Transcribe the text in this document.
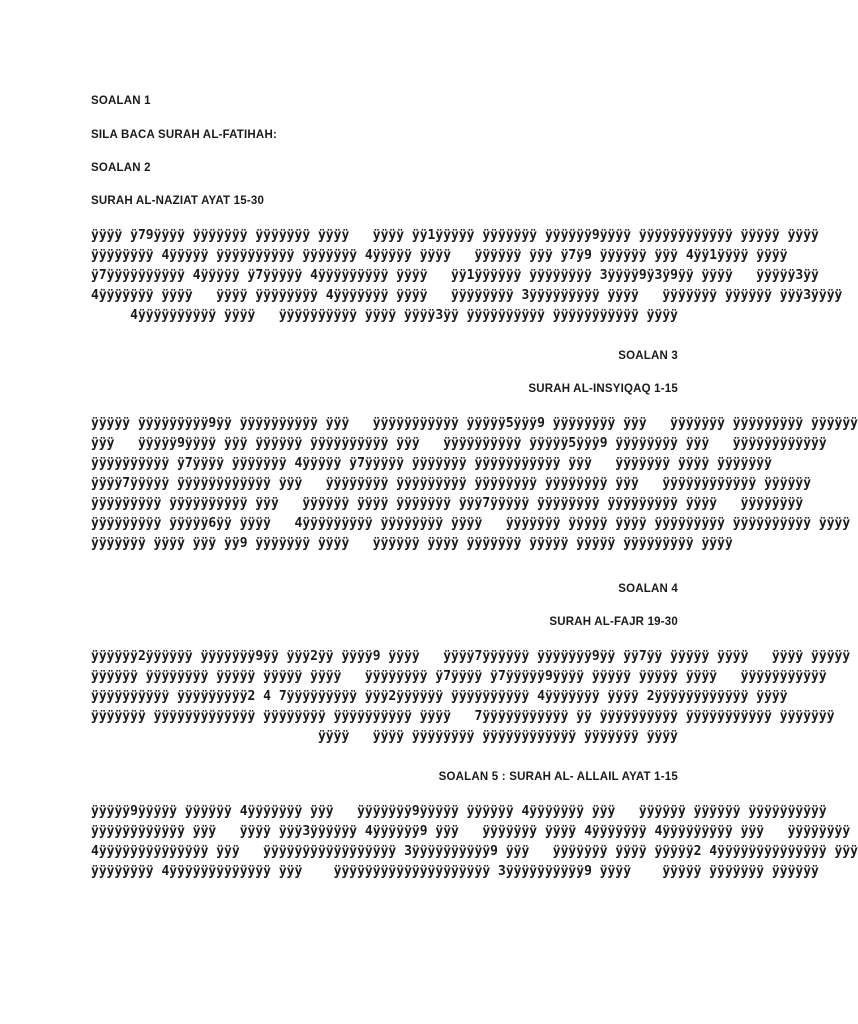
SOALAN 1
SILA BACA SURAH AL-FATIHAH:
SOALAN 2
SURAH AL-NAZIAT AYAT 15-30
ÿÿÿÿ ÿ79ÿÿÿÿ ÿÿÿÿÿÿÿ ÿÿÿÿÿÿÿ ÿÿÿÿ   ÿÿÿÿ ÿÿ1ÿÿÿÿÿ ÿÿÿÿÿÿÿ ÿÿÿÿÿÿ9ÿÿÿÿ ÿÿÿÿÿÿÿÿÿÿÿÿ ÿÿÿÿÿ ÿÿÿÿ
ÿÿÿÿÿÿÿÿ 4ÿÿÿÿÿ ÿÿÿÿÿÿÿÿÿÿ ÿÿÿÿÿÿÿ 4ÿÿÿÿÿ ÿÿÿÿ   ÿÿÿÿÿÿ ÿÿÿ ÿ7ÿ9 ÿÿÿÿÿÿ ÿÿÿ 4ÿÿ1ÿÿÿÿ ÿÿÿÿ
ÿ7ÿÿÿÿÿÿÿÿÿÿ 4ÿÿÿÿÿ ÿ7ÿÿÿÿÿ 4ÿÿÿÿÿÿÿÿÿ ÿÿÿÿ   ÿÿ1ÿÿÿÿÿÿ ÿÿÿÿÿÿÿÿ 3ÿÿÿÿ9ÿ3ÿ9ÿÿ ÿÿÿÿ   ÿÿÿÿÿ3ÿÿ
4ÿÿÿÿÿÿÿ ÿÿÿÿ   ÿÿÿÿ ÿÿÿÿÿÿÿÿ 4ÿÿÿÿÿÿÿ ÿÿÿÿ   ÿÿÿÿÿÿÿÿ 3ÿÿÿÿÿÿÿÿÿ ÿÿÿÿ   ÿÿÿÿÿÿÿ ÿÿÿÿÿÿ ÿÿÿ3ÿÿÿÿ
4ÿÿÿÿÿÿÿÿÿÿ ÿÿÿÿ   ÿÿÿÿÿÿÿÿÿÿ ÿÿÿÿ ÿÿÿÿ3ÿÿ ÿÿÿÿÿÿÿÿÿÿ ÿÿÿÿÿÿÿÿÿÿÿ ÿÿÿÿ
SOALAN 3
SURAH AL-INSYIQAQ 1-15
ÿÿÿÿÿ ÿÿÿÿÿÿÿÿÿ9ÿÿ ÿÿÿÿÿÿÿÿÿÿ ÿÿÿ   ÿÿÿÿÿÿÿÿÿÿÿ ÿÿÿÿÿ5ÿÿÿ9 ÿÿÿÿÿÿÿÿ ÿÿÿ   ÿÿÿÿÿÿÿ ÿÿÿÿÿÿÿÿÿ ÿÿÿÿÿÿ
ÿÿÿ   ÿÿÿÿÿ9ÿÿÿÿ ÿÿÿ ÿÿÿÿÿÿ ÿÿÿÿÿÿÿÿÿÿ ÿÿÿ   ÿÿÿÿÿÿÿÿÿÿ ÿÿÿÿÿ5ÿÿÿ9 ÿÿÿÿÿÿÿÿ ÿÿÿ   ÿÿÿÿÿÿÿÿÿÿÿÿ
ÿÿÿÿÿÿÿÿÿÿ ÿ7ÿÿÿÿ ÿÿÿÿÿÿÿ 4ÿÿÿÿÿ ÿ7ÿÿÿÿÿ ÿÿÿÿÿÿÿ ÿÿÿÿÿÿÿÿÿÿÿ ÿÿÿ   ÿÿÿÿÿÿÿ ÿÿÿÿ ÿÿÿÿÿÿÿ
ÿÿÿÿ7ÿÿÿÿÿ ÿÿÿÿÿÿÿÿÿÿÿÿ ÿÿÿ   ÿÿÿÿÿÿÿÿ ÿÿÿÿÿÿÿÿÿ ÿÿÿÿÿÿÿÿ ÿÿÿÿÿÿÿÿ ÿÿÿ   ÿÿÿÿÿÿÿÿÿÿÿÿ ÿÿÿÿÿÿ
ÿÿÿÿÿÿÿÿÿ ÿÿÿÿÿÿÿÿÿÿ ÿÿÿ   ÿÿÿÿÿÿ ÿÿÿÿ ÿÿÿÿÿÿÿ ÿÿÿ7ÿÿÿÿÿ ÿÿÿÿÿÿÿÿ ÿÿÿÿÿÿÿÿÿ ÿÿÿÿ   ÿÿÿÿÿÿÿÿ
ÿÿÿÿÿÿÿÿÿ ÿÿÿÿÿ6ÿÿ ÿÿÿÿ   4ÿÿÿÿÿÿÿÿÿ ÿÿÿÿÿÿÿÿ ÿÿÿÿ   ÿÿÿÿÿÿÿ ÿÿÿÿÿ ÿÿÿÿ ÿÿÿÿÿÿÿÿÿ ÿÿÿÿÿÿÿÿÿÿ ÿÿÿÿ
ÿÿÿÿÿÿÿ ÿÿÿÿ ÿÿÿ ÿÿ9 ÿÿÿÿÿÿÿ ÿÿÿÿ   ÿÿÿÿÿÿ ÿÿÿÿ ÿÿÿÿÿÿÿ ÿÿÿÿÿ ÿÿÿÿÿ ÿÿÿÿÿÿÿÿÿ ÿÿÿÿ
SOALAN 4
SURAH AL-FAJR 19-30
ÿÿÿÿÿÿ2ÿÿÿÿÿÿ ÿÿÿÿÿÿÿ9ÿÿ ÿÿÿ2ÿÿ ÿÿÿÿ9 ÿÿÿÿ   ÿÿÿÿ7ÿÿÿÿÿÿ ÿÿÿÿÿÿÿ9ÿÿ ÿÿ7ÿÿ ÿÿÿÿÿ ÿÿÿÿ   ÿÿÿÿ ÿÿÿÿÿ
ÿÿÿÿÿÿ ÿÿÿÿÿÿÿÿ ÿÿÿÿÿ ÿÿÿÿÿ ÿÿÿÿ   ÿÿÿÿÿÿÿÿ ÿ7ÿÿÿÿ ÿ7ÿÿÿÿÿ9ÿÿÿÿ ÿÿÿÿÿ ÿÿÿÿÿ ÿÿÿÿ   ÿÿÿÿÿÿÿÿÿÿÿ
ÿÿÿÿÿÿÿÿÿÿ ÿÿÿÿÿÿÿÿÿ2 4 7ÿÿÿÿÿÿÿÿÿ ÿÿÿ2ÿÿÿÿÿÿ ÿÿÿÿÿÿÿÿÿÿ 4ÿÿÿÿÿÿÿ ÿÿÿÿ 2ÿÿÿÿÿÿÿÿÿÿÿÿ ÿÿÿÿ
ÿÿÿÿÿÿÿ ÿÿÿÿÿÿÿÿÿÿÿÿÿ ÿÿÿÿÿÿÿÿ ÿÿÿÿÿÿÿÿÿÿ ÿÿÿÿ   7ÿÿÿÿÿÿÿÿÿÿÿ ÿÿ ÿÿÿÿÿÿÿÿÿÿ ÿÿÿÿÿÿÿÿÿÿÿ ÿÿÿÿÿÿÿ
ÿÿÿÿ   ÿÿÿÿ ÿÿÿÿÿÿÿÿ ÿÿÿÿÿÿÿÿÿÿÿÿ ÿÿÿÿÿÿÿ ÿÿÿÿ
SOALAN 5 : SURAH AL- ALLAIL AYAT 1-15
ÿÿÿÿÿ9ÿÿÿÿÿ ÿÿÿÿÿÿ 4ÿÿÿÿÿÿÿ ÿÿÿ   ÿÿÿÿÿÿÿ9ÿÿÿÿÿ ÿÿÿÿÿÿ 4ÿÿÿÿÿÿÿ ÿÿÿ   ÿÿÿÿÿÿ ÿÿÿÿÿÿ ÿÿÿÿÿÿÿÿÿÿ
ÿÿÿÿÿÿÿÿÿÿÿÿ ÿÿÿ   ÿÿÿÿ ÿÿÿ3ÿÿÿÿÿÿ 4ÿÿÿÿÿÿ9 ÿÿÿ   ÿÿÿÿÿÿÿ ÿÿÿÿ 4ÿÿÿÿÿÿÿ 4ÿÿÿÿÿÿÿÿÿ ÿÿÿ   ÿÿÿÿÿÿÿÿ
4ÿÿÿÿÿÿÿÿÿÿÿÿÿÿ ÿÿÿ   ÿÿÿÿÿÿÿÿÿÿÿÿÿÿÿÿÿ 3ÿÿÿÿÿÿÿÿÿÿ9 ÿÿÿ   ÿÿÿÿÿÿÿ ÿÿÿÿ ÿÿÿÿÿ2 4ÿÿÿÿÿÿÿÿÿÿÿÿÿÿ ÿÿÿ
ÿÿÿÿÿÿÿÿ 4ÿÿÿÿÿÿÿÿÿÿÿÿÿ ÿÿÿ    ÿÿÿÿÿÿÿÿÿÿÿÿÿÿÿÿÿÿÿÿ 3ÿÿÿÿÿÿÿÿÿÿ9 ÿÿÿÿ    ÿÿÿÿÿ ÿÿÿÿÿÿÿ ÿÿÿÿÿÿ
